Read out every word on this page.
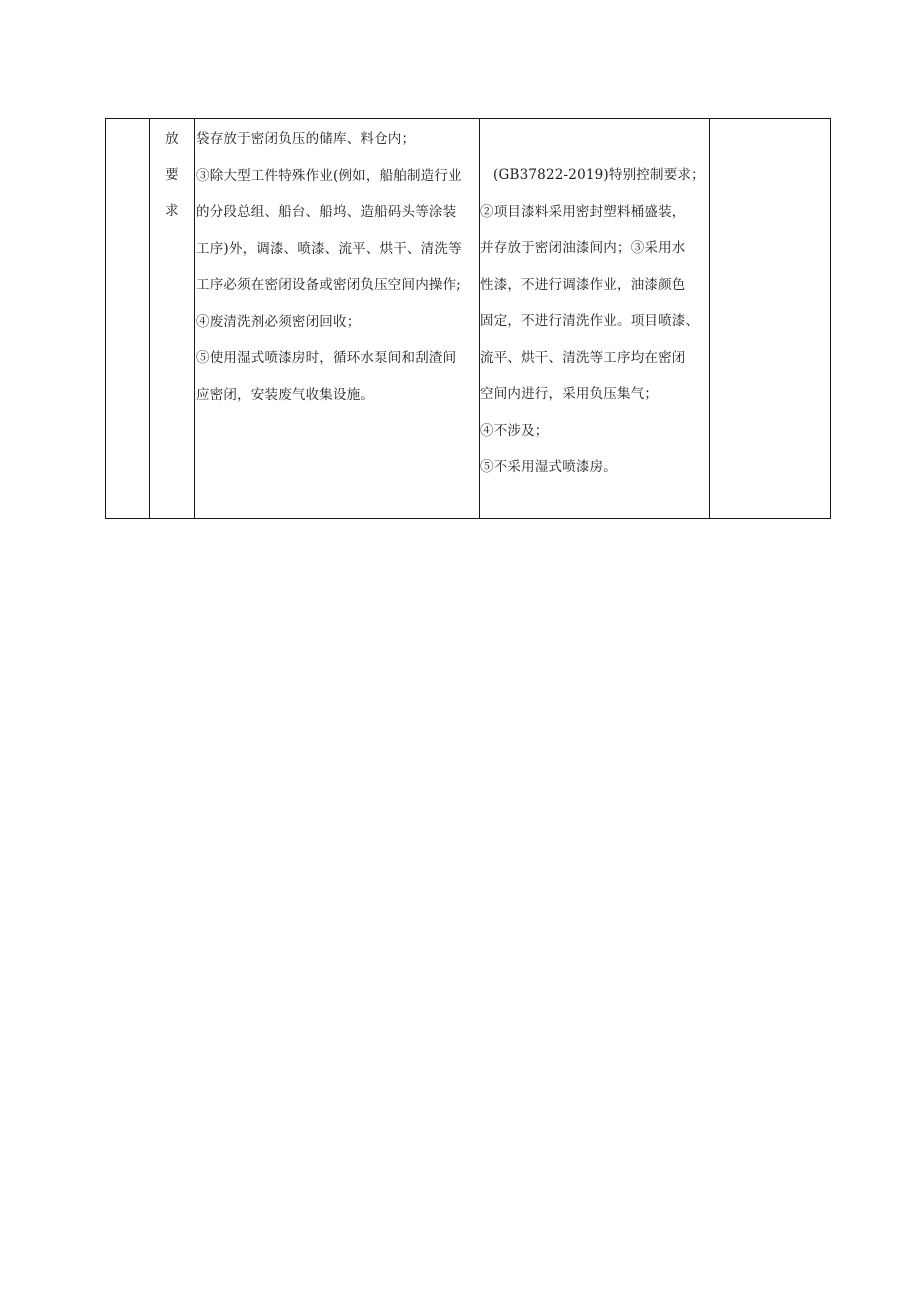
放
要
求
袋存放于密闭负压的储库、料仓内；
③除大型工件特殊作业(例如，船舶制造行业
的分段总组、船台、船坞、造船码头等涂装
工序)外，调漆、喷漆、流平、烘干、清洗等
工序必须在密闭设备或密闭负压空间内操作;
④废清洗剂必须密闭回收；
⑤使用湿式喷漆房时，循环水泵间和刮渣间
应密闭，安装废气收集设施。
(GB37822-2019)特别控制要求；
②项目漆料采用密封塑料桶盛装，
并存放于密闭油漆间内；③采用水
性漆，不进行调漆作业，油漆颜色
固定，不进行清洗作业。项目喷漆、
流平、烘干、清洗等工序均在密闭
空间内进行，采用负压集气；
④不涉及；
⑤不采用湿式喷漆房。
